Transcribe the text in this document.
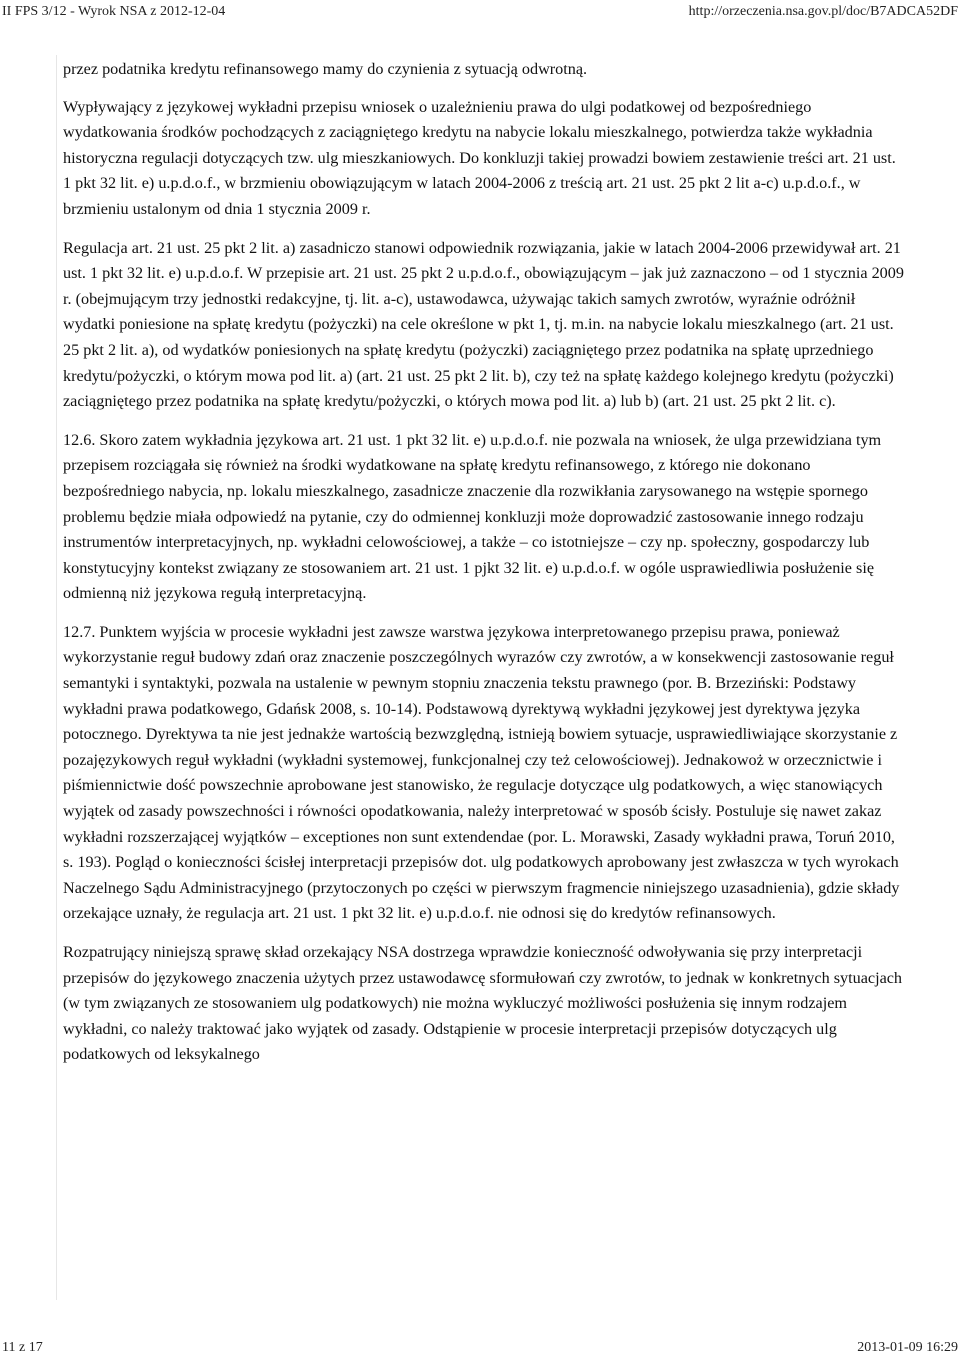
II FPS 3/12 - Wyrok NSA z 2012-12-04	http://orzeczenia.nsa.gov.pl/doc/B7ADCA52DF

przez podatnika kredytu refinansowego mamy do czynienia z sytuacją odwrotną.

Wypływający z językowej wykładni przepisu wniosek o uzależnieniu prawa do ulgi podatkowej od bezpośredniego wydatkowania środków pochodzących z zaciągniętego kredytu na nabycie lokalu mieszkalnego, potwierdza także wykładnia historyczna regulacji dotyczących tzw. ulg mieszkaniowych. Do konkluzji takiej prowadzi bowiem zestawienie treści art. 21 ust. 1 pkt 32 lit. e) u.p.d.o.f., w brzmieniu obowiązującym w latach 2004-2006 z treścią art. 21 ust. 25 pkt 2 lit a-c) u.p.d.o.f., w brzmieniu ustalonym od dnia 1 stycznia 2009 r.

Regulacja art. 21 ust. 25 pkt 2 lit. a) zasadniczo stanowi odpowiednik rozwiązania, jakie w latach 2004-2006 przewidywał art. 21 ust. 1 pkt 32 lit. e) u.p.d.o.f. W przepisie art. 21 ust. 25 pkt 2 u.p.d.o.f., obowiązującym – jak już zaznaczono – od 1 stycznia 2009 r. (obejmującym trzy jednostki redakcyjne, tj. lit. a-c), ustawodawca, używając takich samych zwrotów, wyraźnie odróżnił wydatki poniesione na spłatę kredytu (pożyczki) na cele określone w pkt 1, tj. m.in. na nabycie lokalu mieszkalnego (art. 21 ust. 25 pkt 2 lit. a), od wydatków poniesionych na spłatę kredytu (pożyczki) zaciągniętego przez podatnika na spłatę uprzedniego kredytu/pożyczki, o którym mowa pod lit. a) (art. 21 ust. 25 pkt 2 lit. b), czy też na spłatę każdego kolejnego kredytu (pożyczki) zaciągniętego przez podatnika na spłatę kredytu/pożyczki, o których mowa pod lit. a) lub b) (art. 21 ust. 25 pkt 2 lit. c).

12.6. Skoro zatem wykładnia językowa art. 21 ust. 1 pkt 32 lit. e) u.p.d.o.f. nie pozwala na wniosek, że ulga przewidziana tym przepisem rozciągała się również na środki wydatkowane na spłatę kredytu refinansowego, z którego nie dokonano bezpośredniego nabycia, np. lokalu mieszkalnego, zasadnicze znaczenie dla rozwikłania zarysowanego na wstępie spornego problemu będzie miała odpowiedź na pytanie, czy do odmiennej konkluzji może doprowadzić zastosowanie innego rodzaju instrumentów interpretacyjnych, np. wykładni celowościowej, a także – co istotniejsze – czy np. społeczny, gospodarczy lub konstytucyjny kontekst związany ze stosowaniem art. 21 ust. 1 pjkt 32 lit. e) u.p.d.o.f. w ogóle usprawiedliwia posłużenie się odmienną niż językowa regułą interpretacyjną.

12.7. Punktem wyjścia w procesie wykładni jest zawsze warstwa językowa interpretowanego przepisu prawa, ponieważ wykorzystanie reguł budowy zdań oraz znaczenie poszczególnych wyrazów czy zwrotów, a w konsekwencji zastosowanie reguł semantyki i syntaktyki, pozwala na ustalenie w pewnym stopniu znaczenia tekstu prawnego (por. B. Brzeziński: Podstawy wykładni prawa podatkowego, Gdańsk 2008, s. 10-14). Podstawową dyrektywą wykładni językowej jest dyrektywa języka potocznego. Dyrektywa ta nie jest jednakże wartością bezwzględną, istnieją bowiem sytuacje, usprawiedliwiające skorzystanie z pozajęzykowych reguł wykładni (wykładni systemowej, funkcjonalnej czy też celowościowej). Jednakowoż w orzecznictwie i piśmiennictwie dość powszechnie aprobowane jest stanowisko, że regulacje dotyczące ulg podatkowych, a więc stanowiących wyjątek od zasady powszechności i równości opodatkowania, należy interpretować w sposób ścisły. Postuluje się nawet zakaz wykładni rozszerzającej wyjątków – exceptiones non sunt extendendae (por. L. Morawski, Zasady wykładni prawa, Toruń 2010, s. 193). Pogląd o konieczności ścisłej interpretacji przepisów dot. ulg podatkowych aprobowany jest zwłaszcza w tych wyrokach Naczelnego Sądu Administracyjnego (przytoczonych po części w pierwszym fragmencie niniejszego uzasadnienia), gdzie składy orzekające uznały, że regulacja art. 21 ust. 1 pkt 32 lit. e) u.p.d.o.f. nie odnosi się do kredytów refinansowych.

Rozpatrujący niniejszą sprawę skład orzekający NSA dostrzega wprawdzie konieczność odwoływania się przy interpretacji przepisów do językowego znaczenia użytych przez ustawodawcę sformułowań czy zwrotów, to jednak w konkretnych sytuacjach (w tym związanych ze stosowaniem ulg podatkowych) nie można wykluczyć możliwości posłużenia się innym rodzajem wykładni, co należy traktować jako wyjątek od zasady. Odstąpienie w procesie interpretacji przepisów dotyczących ulg podatkowych od leksykalnego

11 z 17	2013-01-09 16:29
